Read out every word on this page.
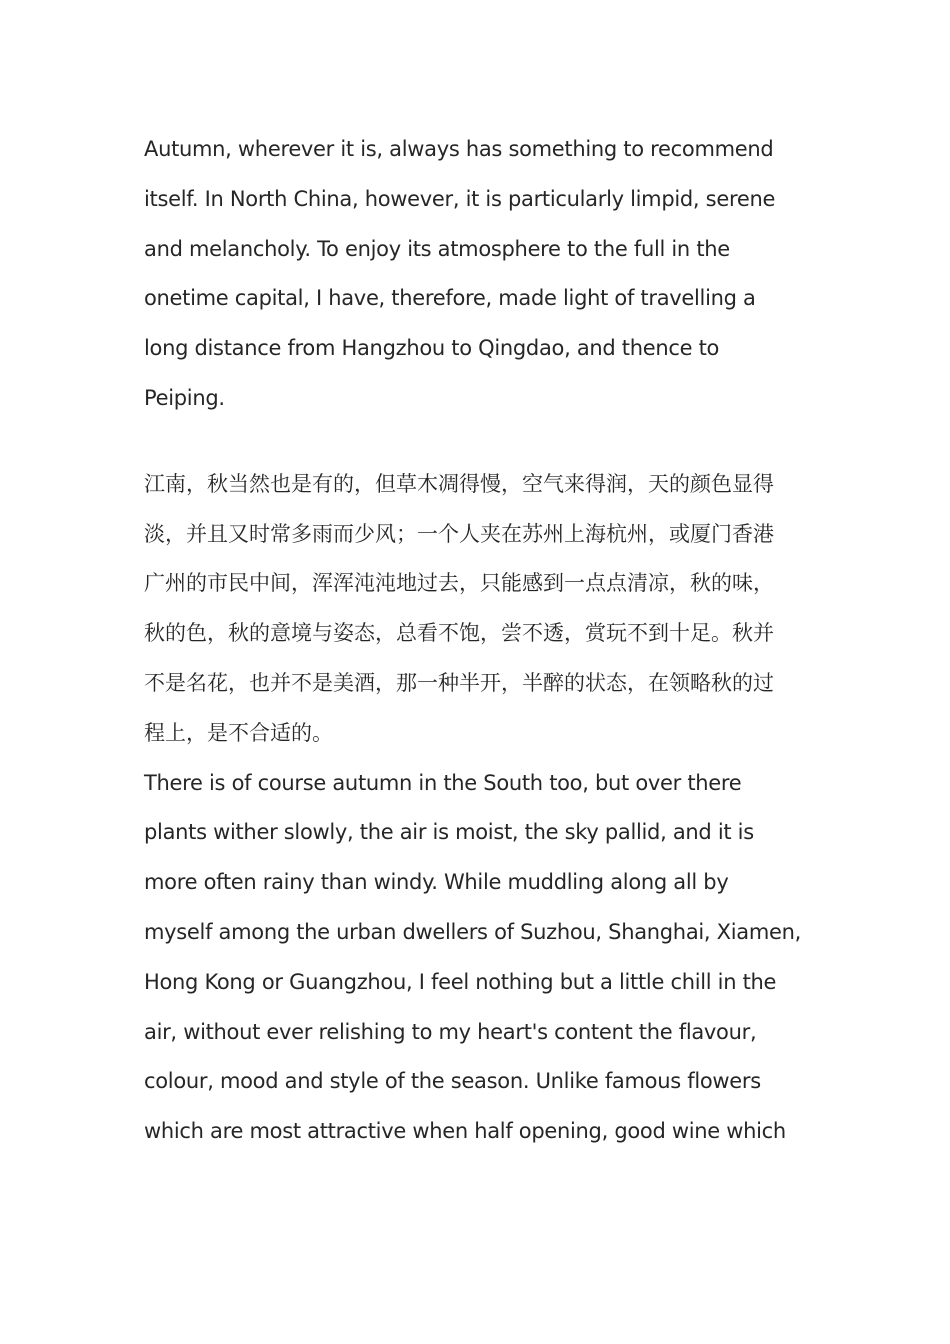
Autumn, wherever it is, always has something to recommend
itself. In North China, however, it is particularly limpid, serene
and melancholy. To enjoy its atmosphere to the full in the
onetime capital, I have, therefore, made light of travelling a
long distance from Hangzhou to Qingdao, and thence to
Peiping.

江南，秋当然也是有的，但草木凋得慢，空气来得润，天的颜色显得
淡，并且又时常多雨而少风；一个人夹在苏州上海杭州，或厦门香港
广州的市民中间，浑浑沌沌地过去，只能感到一点点清凉，秋的味，
秋的色，秋的意境与姿态，总看不饱，尝不透，赏玩不到十足。秋并
不是名花，也并不是美酒，那一种半开，半醉的状态，在领略秋的过
程上，是不合适的。

There is of course autumn in the South too, but over there
plants wither slowly, the air is moist, the sky pallid, and it is
more often rainy than windy. While muddling along all by
myself among the urban dwellers of Suzhou, Shanghai, Xiamen,
Hong Kong or Guangzhou, I feel nothing but a little chill in the
air, without ever relishing to my heart's content the flavour,
colour, mood and style of the season. Unlike famous flowers
which are most attractive when half opening, good wine which
